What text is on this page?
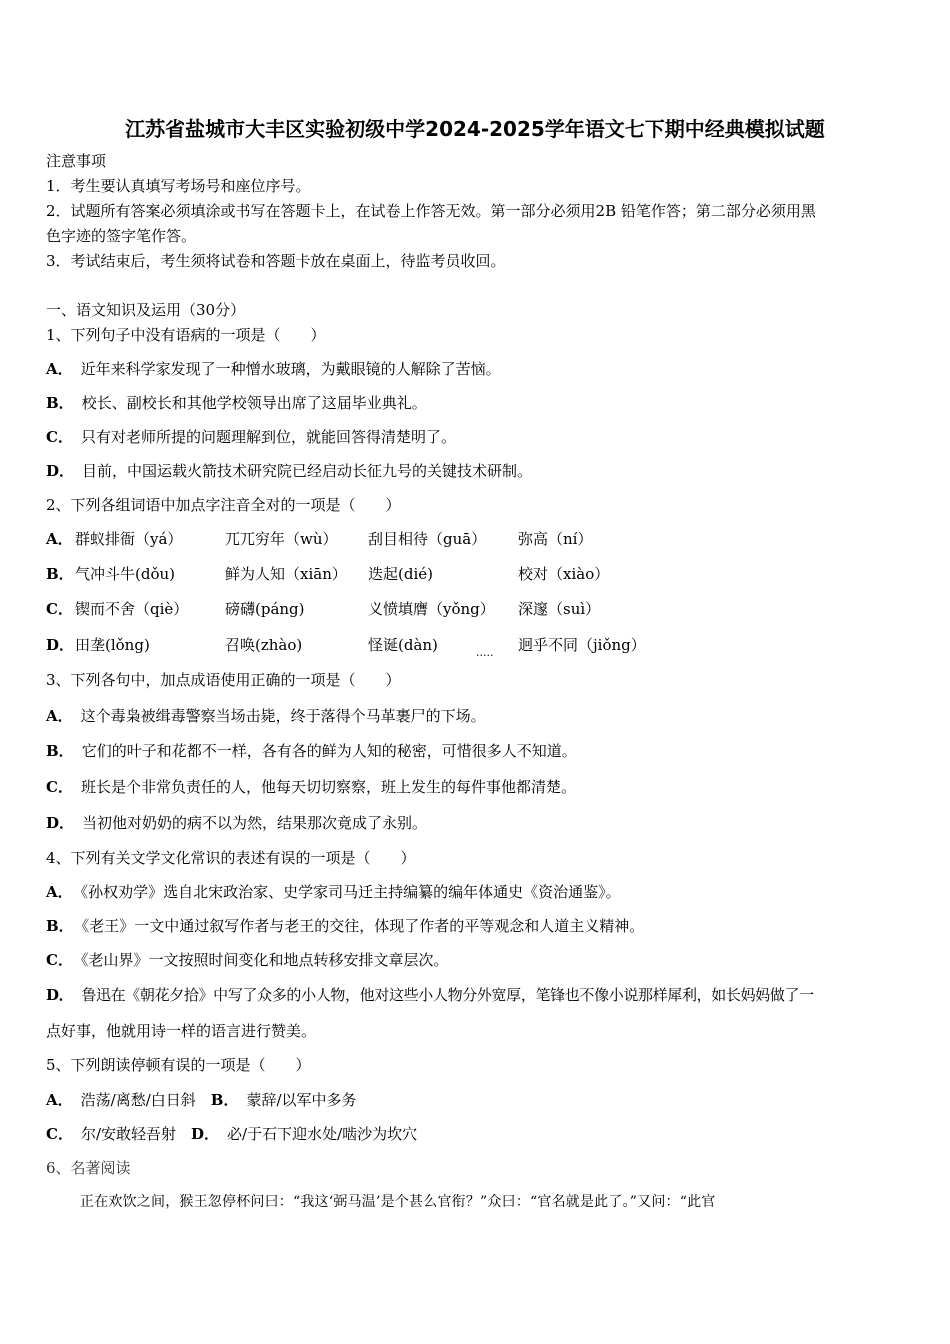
江苏省盐城市大丰区实验初级中学2024-2025学年语文七下期中经典模拟试题
注意事项
1．考生要认真填写考场号和座位序号。
2．试题所有答案必须填涂或书写在答题卡上，在试卷上作答无效。第一部分必须用2B 铅笔作答；第二部分必须用黑
色字迹的签字笔作答。
3．考试结束后，考生须将试卷和答题卡放在桌面上，待监考员收回。
一、语文知识及运用（30分）
1、下列句子中没有语病的一项是（　　）
A． 近年来科学家发现了一种憎水玻璃，为戴眼镜的人解除了苦恼。
B． 校长、副校长和其他学校领导出席了这届毕业典礼。
C． 只有对老师所提的问题理解到位，就能回答得清楚明了。
D． 目前，中国运载火箭技术研究院已经启动长征九号的关键技术研制。
2、下列各组词语中加点字注音全对的一项是（　　）
A． 群蚁排衙（yá）	兀兀穷年（wù） 刮目相待（guā） 弥高（ní）
B． 气冲斗牛(dǒu)	鲜为人知（xiān） 迭起(dié)	校对（xiào）
C． 锲而不舍（qiè） 磅礴(páng)	义愤填膺（yǒng） 深邃（suì）
D． 田垄(lǒng)	召唤(zhào)	怪诞(dàn)	迥乎不同（jiǒng）
.....
3、下列各句中，加点成语使用正确的一项是（　　）
A． 这个毒枭被缉毒警察当场击毙，终于落得个马革裹尸的下场。
B． 它们的叶子和花都不一样，各有各的鲜为人知的秘密，可惜很多人不知道。
C． 班长是个非常负责任的人，他每天切切察察，班上发生的每件事他都清楚。
D． 当初他对奶奶的病不以为然，结果那次竟成了永别。
4、下列有关文学文化常识的表述有误的一项是（　　）
A． 《孙权劝学》选自北宋政治家、史学家司马迁主持编纂的编年体通史《资治通鉴》。
B． 《老王》一文中通过叙写作者与老王的交往，体现了作者的平等观念和人道主义精神。
C． 《老山界》一文按照时间变化和地点转移安排文章层次。
D． 鲁迅在《朝花夕拾》中写了众多的小人物，他对这些小人物分外宽厚，笔锋也不像小说那样犀利，如长妈妈做了一
点好事，他就用诗一样的语言进行赞美。
5、下列朗读停顿有误的一项是（　　）
A． 浩荡/离愁/白日斜　 B． 蒙辞/以军中多务
C． 尔/安敢轻吾射　 D． 必/于石下迎水处/啮沙为坎穴
6、名著阅读
正在欢饮之间，猴王忽停杯问曰：“我这‘弼马温’是个甚么官衔？”众曰：“官名就是此了。”又问：“此官
